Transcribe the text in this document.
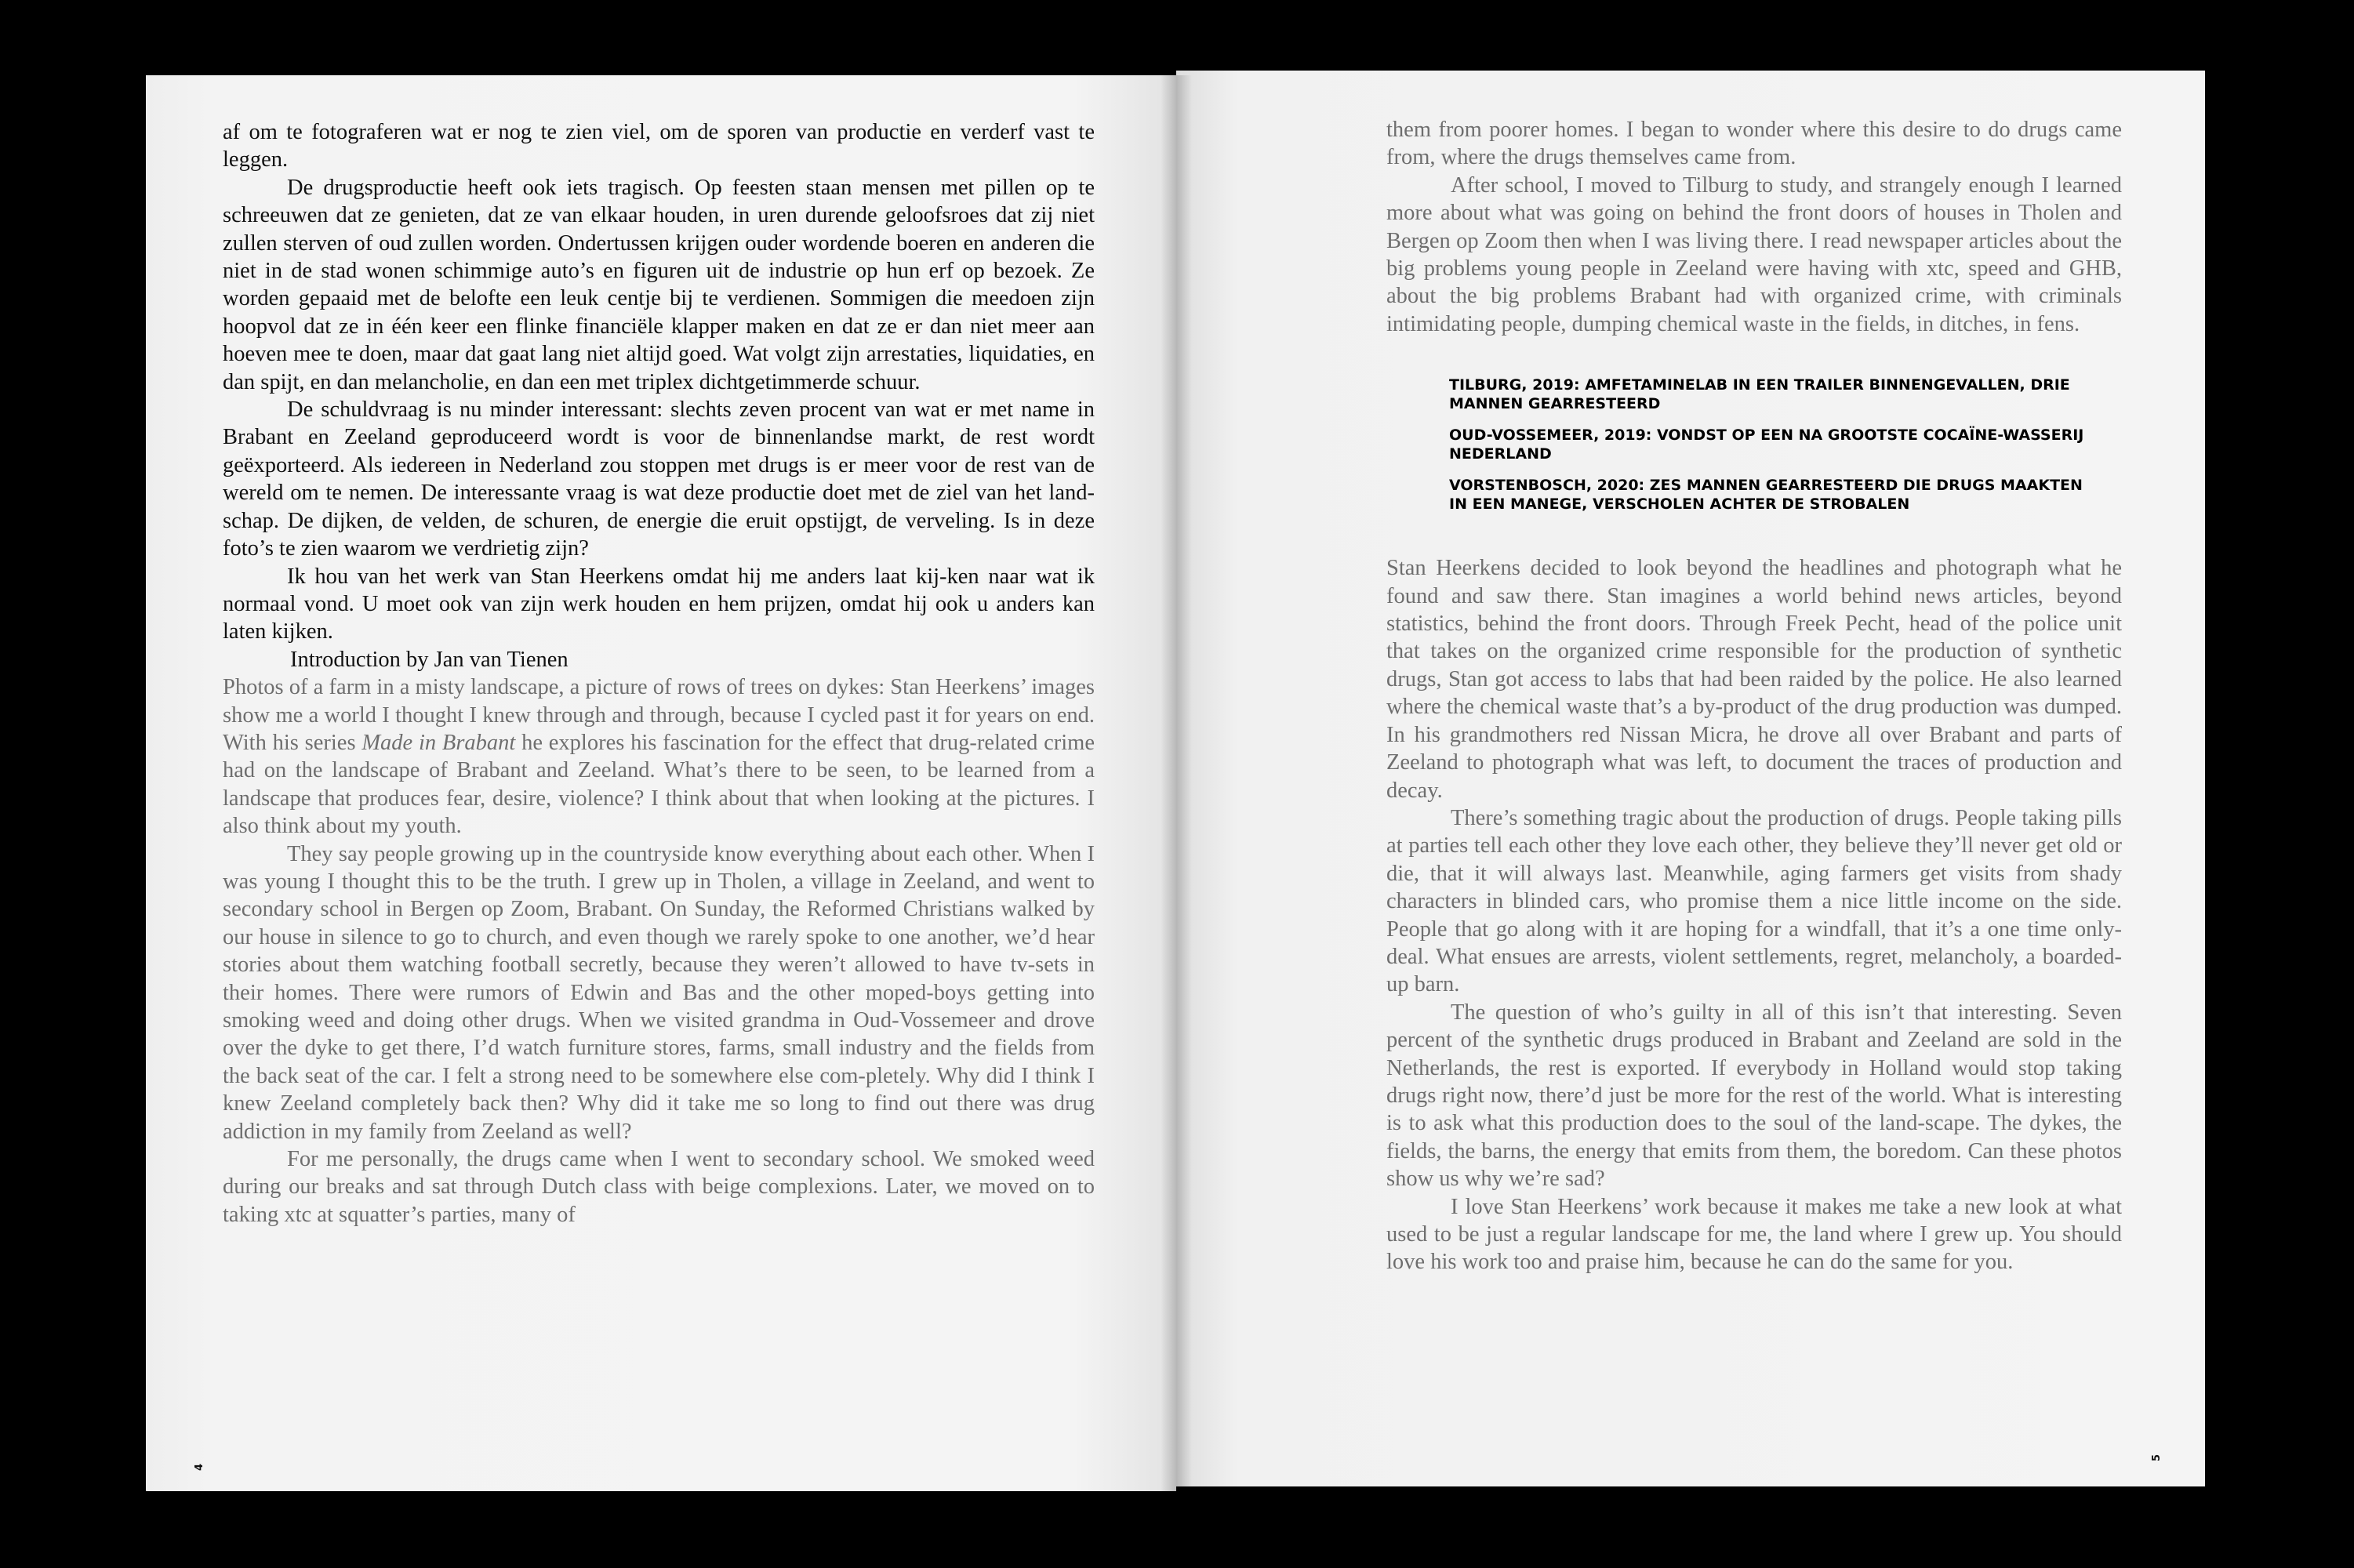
af om te fotograferen wat er nog te zien viel, om de sporen van productie en verderf vast te leggen.

De drugsproductie heeft ook iets tragisch. Op feesten staan mensen met pillen op te schreeuwen dat ze genieten, dat ze van elkaar houden, in uren durende geloofsroes dat zij niet zullen sterven of oud zullen worden. Ondertussen krijgen ouder wordende boeren en anderen die niet in de stad wonen schimmige auto’s en figuren uit de industrie op hun erf op bezoek. Ze worden gepaaid met de belofte een leuk centje bij te verdienen. Sommigen die meedoen zijn hoopvol dat ze in één keer een flinke financiële klapper maken en dat ze er dan niet meer aan hoeven mee te doen, maar dat gaat lang niet altijd goed. Wat volgt zijn arrestaties, liquidaties, en dan spijt, en dan melancholie, en dan een met triplex dichtgetimmerde schuur.

De schuldvraag is nu minder interessant: slechts zeven procent van wat er met name in Brabant en Zeeland geproduceerd wordt is voor de binnenlandse markt, de rest wordt geëxporteerd. Als iedereen in Nederland zou stoppen met drugs is er meer voor de rest van de wereld om te nemen. De interessante vraag is wat deze productie doet met de ziel van het land-schap. De dijken, de velden, de schuren, de energie die eruit opstijgt, de verveling. Is in deze foto’s te zien waarom we verdrietig zijn?

Ik hou van het werk van Stan Heerkens omdat hij me anders laat kij-ken naar wat ik normaal vond. U moet ook van zijn werk houden en hem prijzen, omdat hij ook u anders kan laten kijken.

Introduction by Jan van Tienen

Photos of a farm in a misty landscape, a picture of rows of trees on dykes: Stan Heerkens’ images show me a world I thought I knew through and through, because I cycled past it for years on end. With his series Made in Brabant he explores his fascination for the effect that drug-related crime had on the landscape of Brabant and Zeeland. What’s there to be seen, to be learned from a landscape that produces fear, desire, violence? I think about that when looking at the pictures. I also think about my youth.

They say people growing up in the countryside know everything about each other. When I was young I thought this to be the truth. I grew up in Tholen, a village in Zeeland, and went to secondary school in Bergen op Zoom, Brabant. On Sunday, the Reformed Christians walked by our house in silence to go to church, and even though we rarely spoke to one another, we’d hear stories about them watching football secretly, because they weren’t allowed to have tv-sets in their homes. There were rumors of Edwin and Bas and the other moped-boys getting into smoking weed and doing other drugs. When we visited grandma in Oud-Vossemeer and drove over the dyke to get there, I’d watch furniture stores, farms, small industry and the fields from the back seat of the car. I felt a strong need to be somewhere else com-pletely. Why did I think I knew Zeeland completely back then? Why did it take me so long to find out there was drug addiction in my family from Zeeland as well?

For me personally, the drugs came when I went to secondary school. We smoked weed during our breaks and sat through Dutch class with beige complexions. Later, we moved on to taking xtc at squatter’s parties, many of

4

them from poorer homes. I began to wonder where this desire to do drugs came from, where the drugs themselves came from.

After school, I moved to Tilburg to study, and strangely enough I learned more about what was going on behind the front doors of houses in Tholen and Bergen op Zoom then when I was living there. I read newspaper articles about the big problems young people in Zeeland were having with xtc, speed and GHB, about the big problems Brabant had with organized crime, with criminals intimidating people, dumping chemical waste in the fields, in ditches, in fens.

TILBURG, 2019: AMFETAMINELAB IN EEN TRAILER BINNENGEVALLEN, DRIE MANNEN GEARRESTEERD
OUD-VOSSEMEER, 2019: VONDST OP EEN NA GROOTSTE COCAÏNE-WASSERIJ NEDERLAND
VORSTENBOSCH, 2020: ZES MANNEN GEARRESTEERD DIE DRUGS MAAKTEN IN EEN MANEGE, VERSCHOLEN ACHTER DE STROBALEN

Stan Heerkens decided to look beyond the headlines and photograph what he found and saw there. Stan imagines a world behind news articles, beyond statistics, behind the front doors. Through Freek Pecht, head of the police unit that takes on the organized crime responsible for the production of synthetic drugs, Stan got access to labs that had been raided by the police. He also learned where the chemical waste that’s a by-product of the drug production was dumped. In his grandmothers red Nissan Micra, he drove all over Brabant and parts of Zeeland to photograph what was left, to document the traces of production and decay.

There’s something tragic about the production of drugs. People taking pills at parties tell each other they love each other, they believe they’ll never get old or die, that it will always last. Meanwhile, aging farmers get visits from shady characters in blinded cars, who promise them a nice little income on the side. People that go along with it are hoping for a windfall, that it’s a one time only-deal. What ensues are arrests, violent settlements, regret, melancholy, a boarded-up barn.

The question of who’s guilty in all of this isn’t that interesting. Seven percent of the synthetic drugs produced in Brabant and Zeeland are sold in the Netherlands, the rest is exported. If everybody in Holland would stop taking drugs right now, there’d just be more for the rest of the world. What is interesting is to ask what this production does to the soul of the land-scape. The dykes, the fields, the barns, the energy that emits from them, the boredom. Can these photos show us why we’re sad?

I love Stan Heerkens’ work because it makes me take a new look at what used to be just a regular landscape for me, the land where I grew up. You should love his work too and praise him, because he can do the same for you.

5
